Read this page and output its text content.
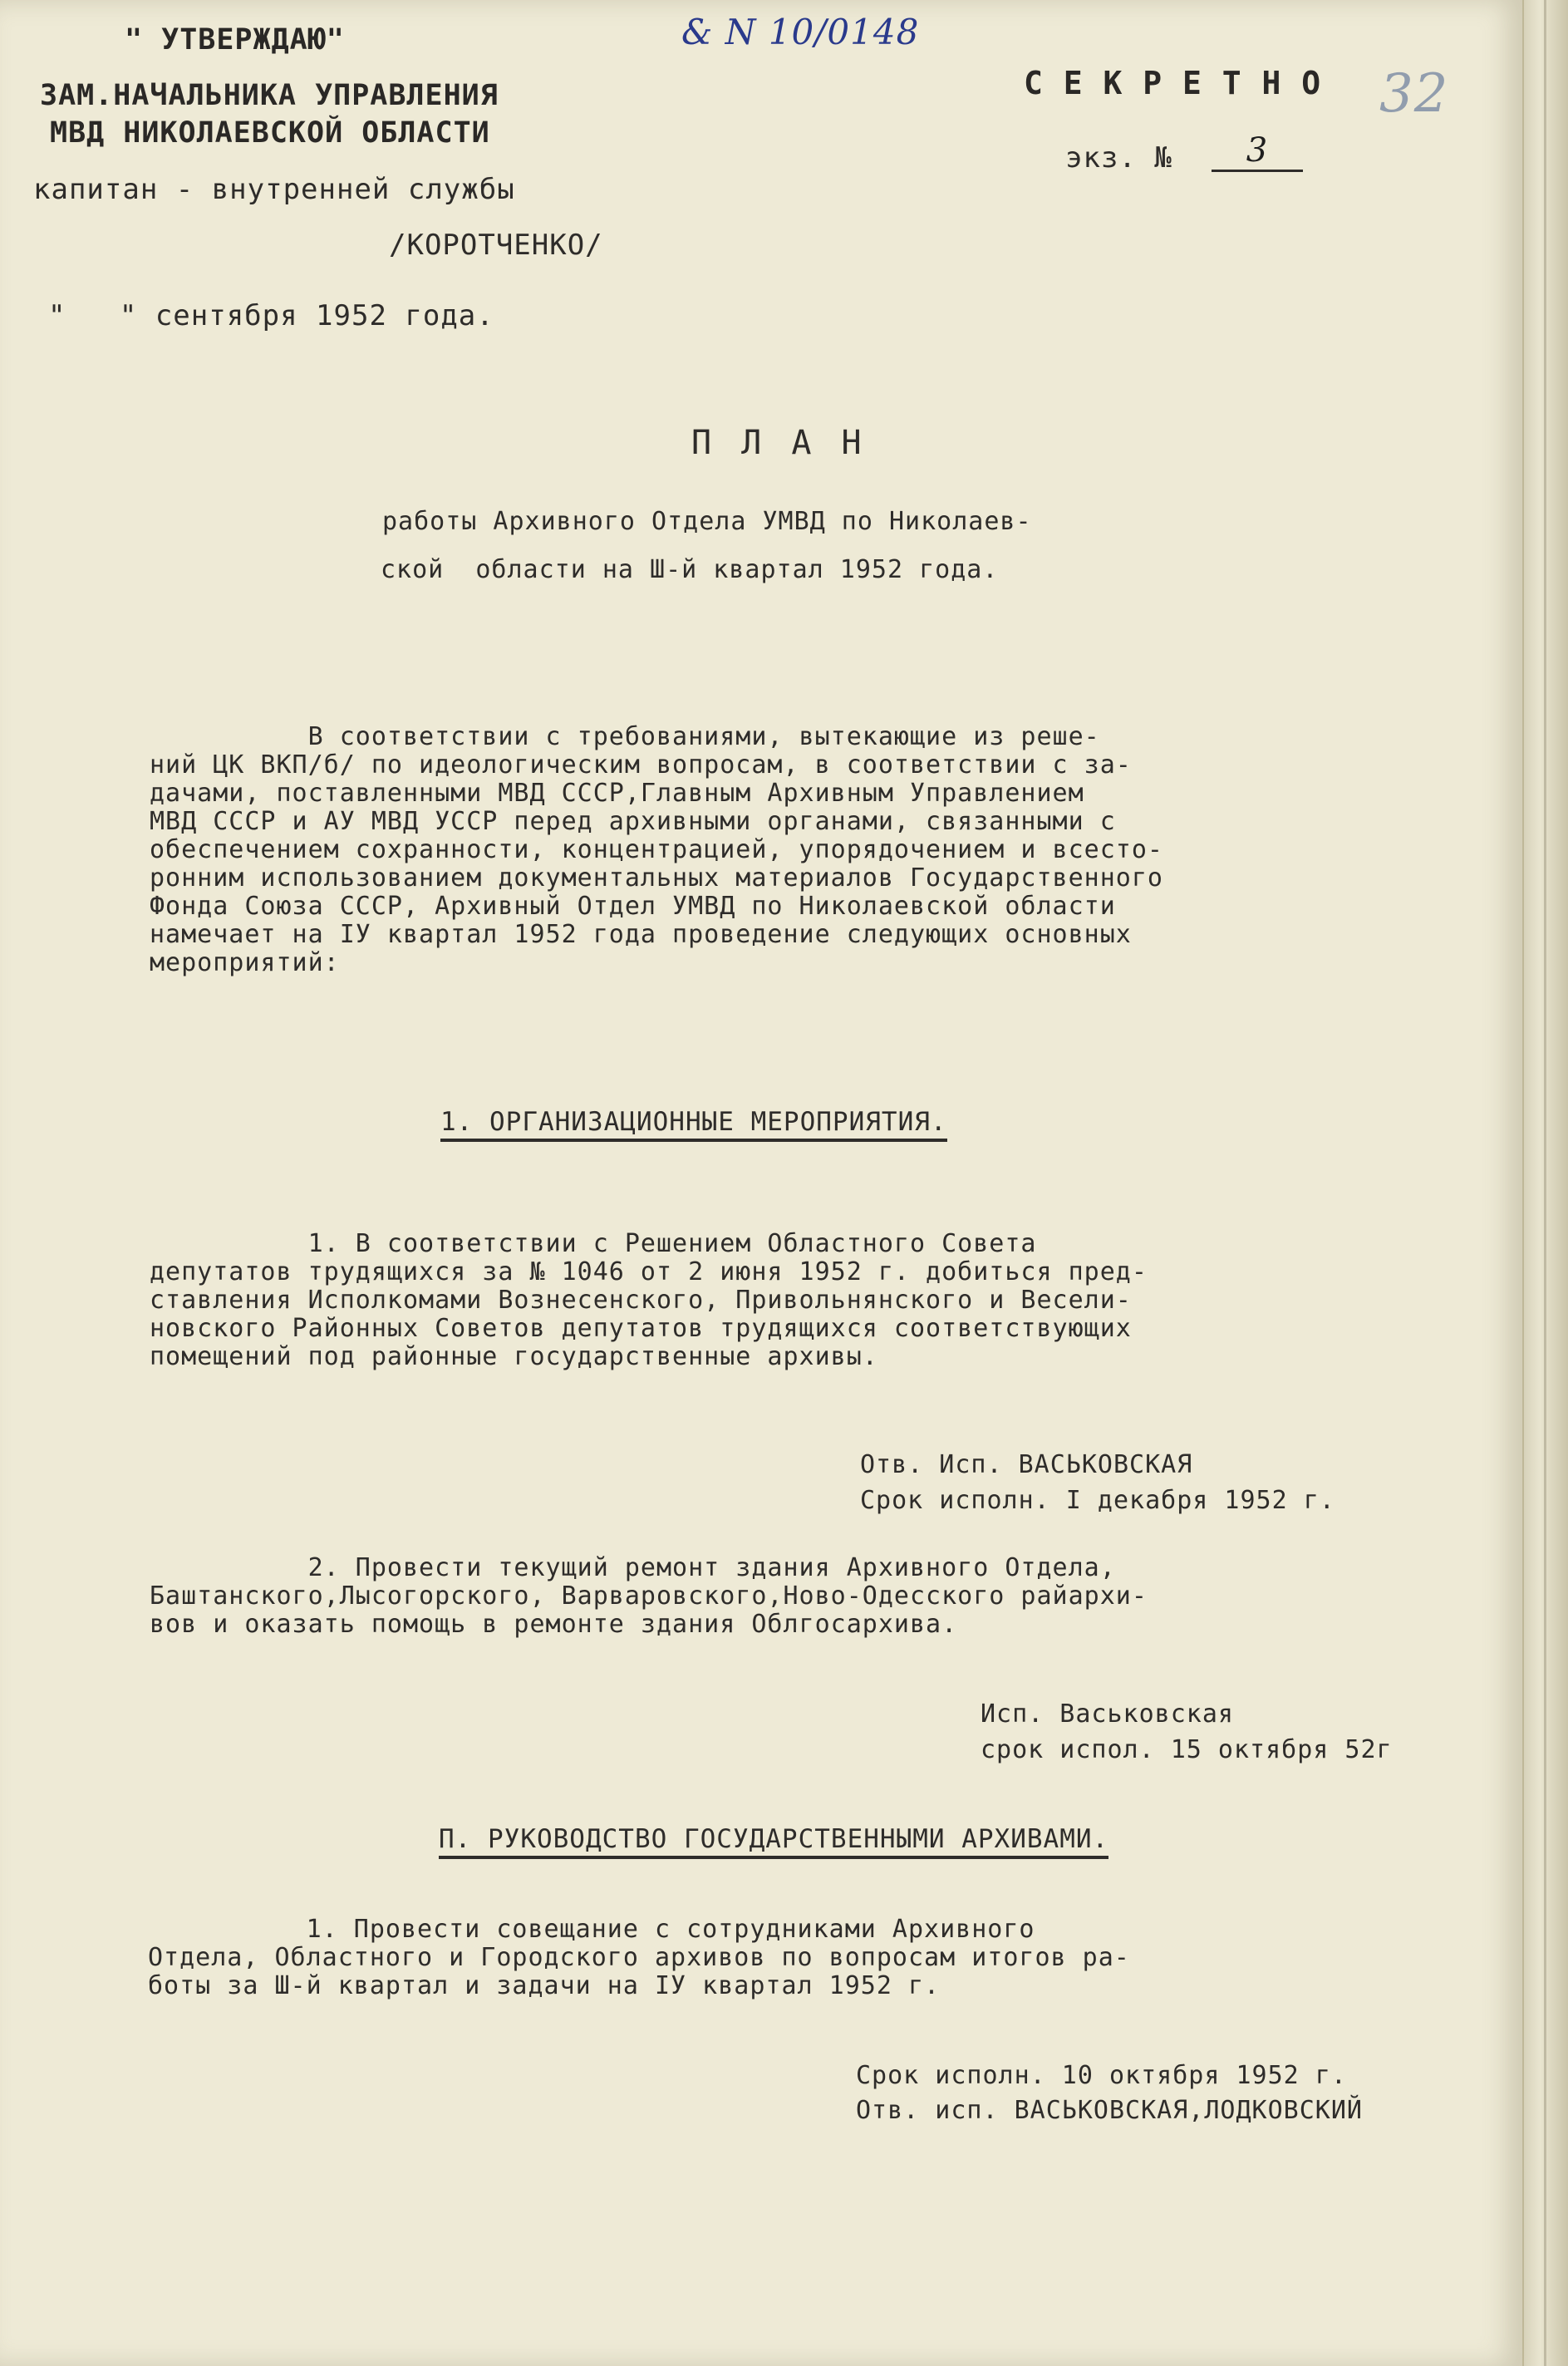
" УТВЕРЖДАЮ"
ЗАМ.НАЧАЛЬНИКА УПРАВЛЕНИЯ
МВД НИКОЛАЕВСКОЙ ОБЛАСТИ
капитан - внутренней службы
/КОРОТЧЕНКО/
"   " сентября 1952 года.
& N 10/0148
С Е К Р Е Т Н О
экз. №	3
32
П Л А Н
работы Архивного Отдела УМВД по Николаев-
ской  области на Ш-й квартал 1952 года.
В соответствии с требованиями, вытекающие из реше-
ний ЦК ВКП/б/ по идеологическим вопросам, в соответствии с за-
дачами, поставленными МВД СССР,Главным Архивным Управлением
МВД СССР и АУ МВД УССР перед архивными органами, связанными с
обеспечением сохранности, концентрацией, упорядочением и всесто-
ронним использованием документальных материалов Государственного
Фонда Союза ССCР, Архивный Отдел УМВД по Николаевской области
намечает на IУ квартал 1952 года проведение следующих основных
мероприятий:
1. ОРГАНИЗАЦИОННЫЕ МЕРОПРИЯТИЯ.
1. В соответствии с Решением Областного Совета
депутатов трудящихся за № 1046 от 2 июня 1952 г. добиться пред-
ставления Исполкомами Вознесенского, Привольнянского и Весели-
новского Районных Советов депутатов трудящихся соответствующих
помещений под районные государственные архивы.
Отв. Исп. ВАСЬКОВСКАЯ
Срок исполн. I декабря 1952 г.
2. Провести текущий ремонт здания Архивного Отдела,
Баштанского,Лысогорского, Варваровского,Ново-Одесского райархи-
вов и оказать помощь в ремонте здания Облгосархива.
Исп. Васьковская
срок испол. 15 октября 52г
П. РУКОВОДСТВО ГОСУДАРСТВЕННЫМИ АРХИВАМИ.
1. Провести совещание с сотрудниками Архивного
Отдела, Областного и Городского архивов по вопросам итогов ра-
боты за Ш-й квартал и задачи на IУ квартал 1952 г.
Срок исполн. 10 октября 1952 г.
Отв. исп. ВАСЬКОВСКАЯ,ЛОДКОВСКИЙ
